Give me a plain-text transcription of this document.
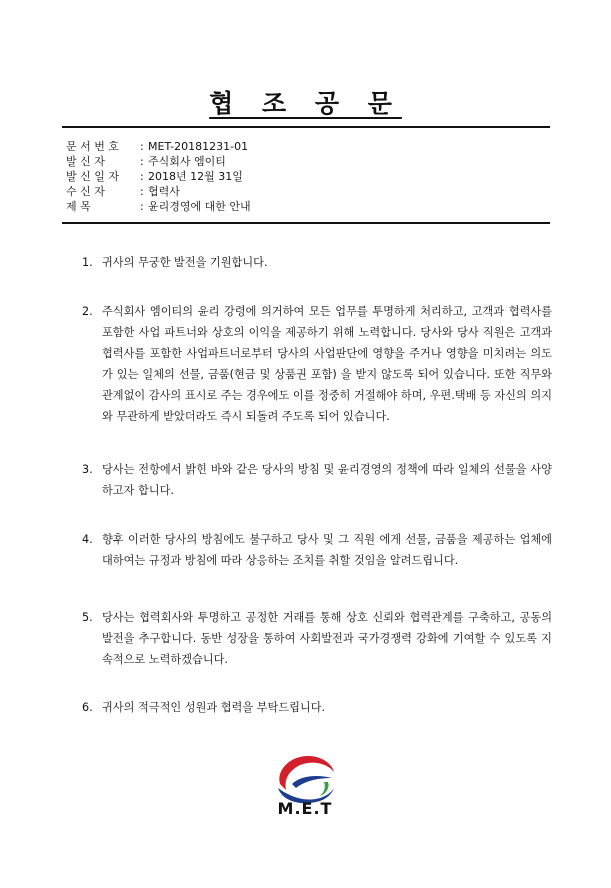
협 조 공 문
문 서 번 호	: MET-20181231-01
발 신 자	: 주식회사 엠이티
발 신 일 자	: 2018년 12월 31일
수 신 자	: 협력사
제 목	: 윤리경영에 대한 안내
1. 귀사의 무궁한 발전을 기원합니다.
2. 주식회사 엠이티의 윤리 강령에 의거하여 모든 업무를 투명하게 처리하고, 고객과 협력사를 포함한 사업 파트너와 상호의 이익을 제공하기 위해 노력합니다. 당사와 당사 직원은 고객과 협력사를 포함한 사업파트너로부터 당사의 사업판단에 영향을 주거나 영향을 미치려는 의도가 있는 일체의 선물, 금품(현금 및 상품권 포함) 을 받지 않도록 되어 있습니다. 또한 직무와 관계없이 감사의 표시로 주는 경우에도 이를 정중히 거절해야 하며, 우편.택배 등 자신의 의지와 무관하게 받았더라도 즉시 되돌려 주도록 되어 있습니다.
3. 당사는 전항에서 밝힌 바와 같은 당사의 방침 및 윤리경영의 정책에 따라 일체의 선물을 사양하고자 합니다.
4. 향후 이러한 당사의 방침에도 불구하고 당사 및 그 직원 에게 선물, 금품을 제공하는 업체에 대하여는 규정과 방침에 따라 상응하는 조치를 취할 것임을 알려드립니다.
5. 당사는 협력회사와 투명하고 공정한 거래를 통해 상호 신뢰와 협력관계를 구축하고, 공동의 발전을 추구합니다. 동반 성장을 통하여 사회발전과 국가경쟁력 강화에 기여할 수 있도록 지속적으로 노력하겠습니다.
6. 귀사의 적극적인 성원과 협력을 부탁드립니다.
M.E.T
